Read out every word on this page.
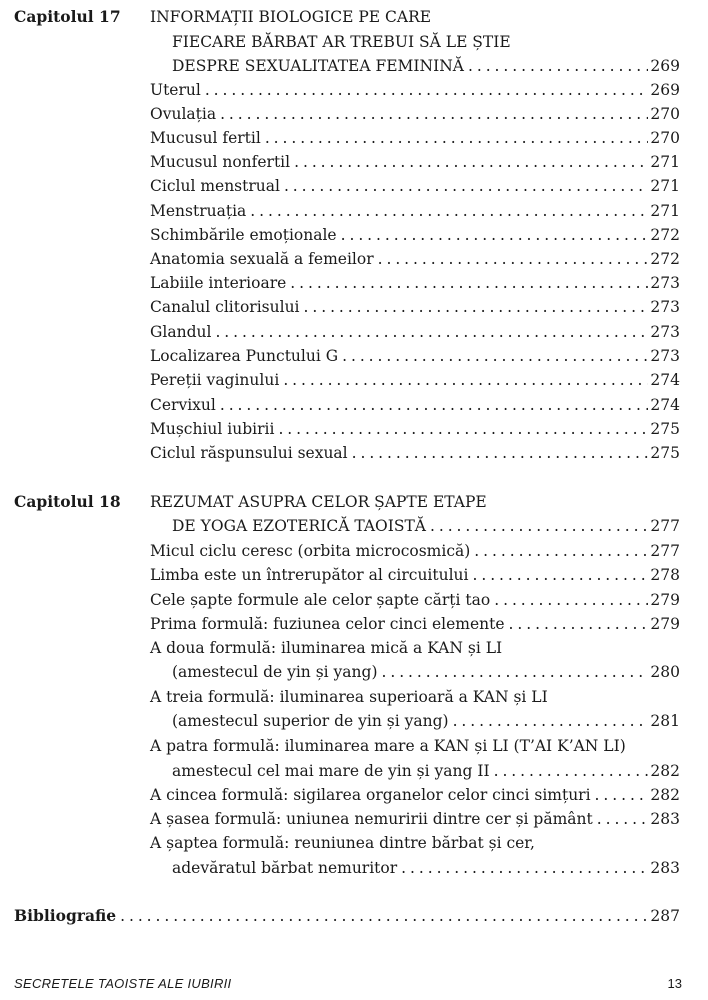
Capitolul 17 INFORMAȚII BIOLOGICE PE CARE
FIECARE BĂRBAT AR TREBUI SĂ LE ȘTIE
DESPRE SEXUALITATEA FEMININĂ . . .	269
Uterul . . .	269
Ovulația . . .	270
Mucusul fertil . . .	270
Mucusul nonfertil . . .	271
Ciclul menstrual . . .	271
Menstruația . . .	271
Schimbările emoționale . . .	272
Anatomia sexuală a femeilor . . .	272
Labiile interioare . . .	273
Canalul clitorisului . . .	273
Glandul . . .	273
Localizarea Punctului G . . .	273
Pereții vaginului . . .	274
Cervixul . . .	274
Mușchiul iubirii . . .	275
Ciclul răspunsului sexual . . .	275
Capitolul 18 REZUMAT ASUPRA CELOR ȘAPTE ETAPE
DE YOGA EZOTERICĂ TAOISTĂ . . .	277
Micul ciclu ceresc (orbita microcosmică) . . .	277
Limba este un întrerupător al circuitului . . .	278
Cele șapte formule ale celor șapte cărți tao . . .	279
Prima formulă: fuziunea celor cinci elemente . . .	279
A doua formulă: iluminarea mică a KAN și LI
(amestecul de yin și yang) . . .	280
A treia formulă: iluminarea superioară a KAN și LI
(amestecul superior de yin și yang) . . .	281
A patra formulă: iluminarea mare a KAN și LI (T’AI K’AN LI)
amestecul cel mai mare de yin și yang II . . .	282
A cincea formulă: sigilarea organelor celor cinci simțuri . . .	282
A șasea formulă: uniunea nemuririi dintre cer și pământ . . .	283
A șaptea formulă: reuniunea dintre bărbat și cer,
adevăratul bărbat nemuritor . . .	283
Bibliografie . . .	287
SECRETELE TAOISTE ALE IUBIRII	13
